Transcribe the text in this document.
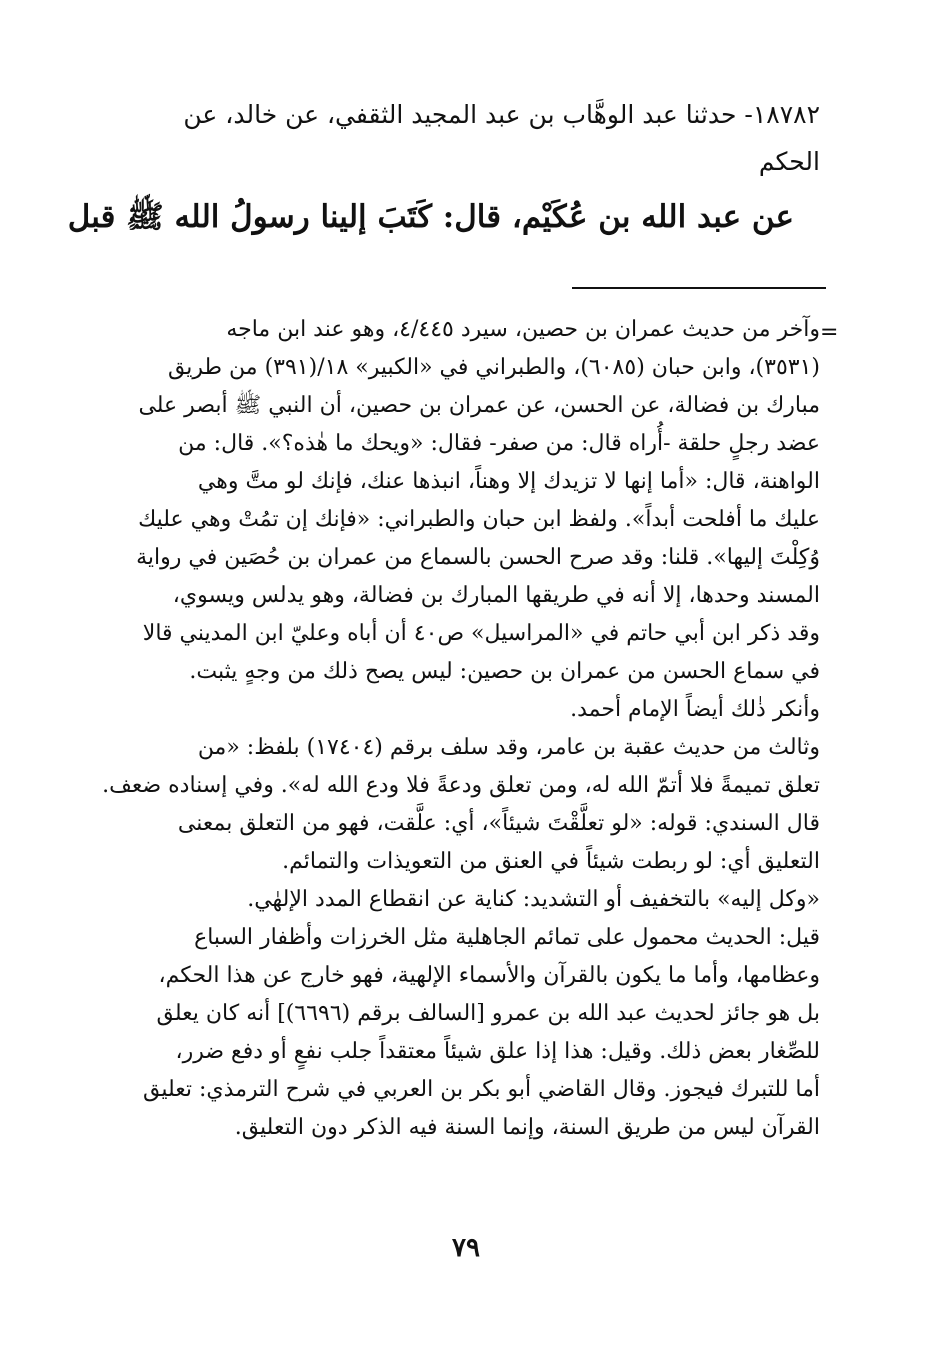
١٨٧٨٢- حدثنا عبد الوهَّاب بن عبد المجيد الثقفي، عن خالد، عن
الحكم
عن عبد الله بن عُكَيْم، قال: كَتَبَ إلينا رسولُ الله ﷺ قبل
=
وآخر من حديث عمران بن حصين، سيرد ٤/٤٤٥، وهو عند ابن ماجه
(٣٥٣١)، وابن حبان (٦٠٨٥)، والطبراني في «الكبير» ١٨/(٣٩١) من طريق
مبارك بن فضالة، عن الحسن، عن عمران بن حصين، أن النبي ﷺ أبصر على
عضد رجلٍ حلقة -أُراه قال: من صفر- فقال: «ويحك ما هٰذه؟». قال: من
الواهنة، قال: «أما إنها لا تزيدك إلا وهناً، انبذها عنك، فإنك لو متَّ وهي
عليك ما أفلحت أبداً». ولفظ ابن حبان والطبراني: «فإنك إن تمُتْ وهي عليك
وُكِلْتَ إليها». قلنا: وقد صرح الحسن بالسماع من عمران بن حُصَين في رواية
المسند وحدها، إلا أنه في طريقها المبارك بن فضالة، وهو يدلس ويسوي،
وقد ذكر ابن أبي حاتم في «المراسيل» ص٤٠ أن أباه وعليّ ابن المديني قالا
في سماع الحسن من عمران بن حصين: ليس يصح ذلك من وجهٍ يثبت.
وأنكر ذٰلك أيضاً الإمام أحمد.
وثالث من حديث عقبة بن عامر، وقد سلف برقم (١٧٤٠٤) بلفظ: «من
تعلق تميمةً فلا أتمّ الله له، ومن تعلق ودعةً فلا ودع الله له». وفي إسناده ضعف.
قال السندي: قوله: «لو تعلَّقْتَ شيئاً»، أي: علَّقت، فهو من التعلق بمعنى
التعليق أي: لو ربطت شيئاً في العنق من التعويذات والتمائم.
«وكل إليه» بالتخفيف أو التشديد: كناية عن انقطاع المدد الإلهٰي.
قيل: الحديث محمول على تمائم الجاهلية مثل الخرزات وأظفار السباع
وعظامها، وأما ما يكون بالقرآن والأسماء الإلهية، فهو خارج عن هذا الحكم،
بل هو جائز لحديث عبد الله بن عمرو [السالف برقم (٦٦٩٦)] أنه كان يعلق
للصِّغار بعض ذلك. وقيل: هذا إذا علق شيئاً معتقداً جلب نفعٍ أو دفع ضرر،
أما للتبرك فيجوز. وقال القاضي أبو بكر بن العربي في شرح الترمذي: تعليق
القرآن ليس من طريق السنة، وإنما السنة فيه الذكر دون التعليق.
٧٩
